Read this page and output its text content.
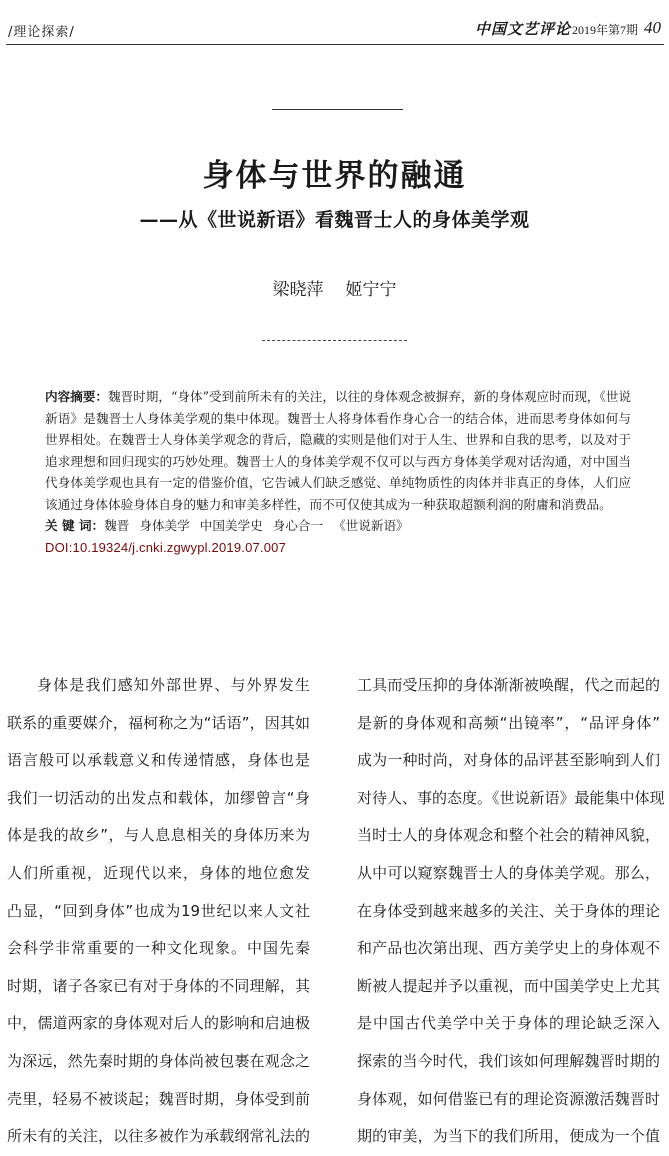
/理论探索/	中国文艺评论 2019年第7期 40
身体与世界的融通
——从《世说新语》看魏晋士人的身体美学观
梁晓萍 姬宁宁

内容摘要：魏晋时期，“身体”受到前所未有的关注，以往的身体观念被摒弃，新的身体观应时而现，《世说新语》是魏晋士人身体美学观的集中体现。魏晋士人将身体看作身心合一的结合体，进而思考身体如何与世界相处。在魏晋士人身体美学观念的背后，隐藏的实则是他们对于人生、世界和自我的思考，以及对于追求理想和回归现实的巧妙处理。魏晋士人的身体美学观不仅可以与西方身体美学观对话沟通，对中国当代身体美学观也具有一定的借鉴价值，它告诫人们缺乏感觉、单纯物质性的肉体并非真正的身体，人们应该通过身体体验身体自身的魅力和审美多样性，而不可仅使其成为一种获取超额利润的附庸和消费品。

关 键 词：魏晋 身体美学 中国美学史 身心合一 《世说新语》

DOI:10.19324/j.cnki.zgwypl.2019.07.007

身体是我们感知外部世界、与外界发生
联系的重要媒介，福柯称之为“话语”，因其如
语言般可以承载意义和传递情感，身体也是
我们一切活动的出发点和载体，加缪曾言“身
体是我的故乡”，与人息息相关的身体历来为
人们所重视，近现代以来，身体的地位愈发
凸显，“回到身体”也成为19世纪以来人文社
会科学非常重要的一种文化现象。中国先秦
时期，诸子各家已有对于身体的不同理解，其
中，儒道两家的身体观对后人的影响和启迪极
为深远，然先秦时期的身体尚被包裹在观念之
壳里，轻易不被谈起；魏晋时期，身体受到前
所未有的关注，以往多被作为承载纲常礼法的
工具而受压抑的身体渐渐被唤醒，代之而起的
是新的身体观和高频“出镜率”，“品评身体”
成为一种时尚，对身体的品评甚至影响到人们
对待人、事的态度。《世说新语》最能集中体现
当时士人的身体观念和整个社会的精神风貌，
从中可以窥察魏晋士人的身体美学观。那么，
在身体受到越来越多的关注、关于身体的理论
和产品也次第出现、西方美学史上的身体观不
断被人提起并予以重视，而中国美学史上尤其
是中国古代美学中关于身体的理论缺乏深入
探索的当今时代，我们该如何理解魏晋时期的
身体观，如何借鉴已有的理论资源激活魏晋时
期的审美，为当下的我们所用，便成为一个值
